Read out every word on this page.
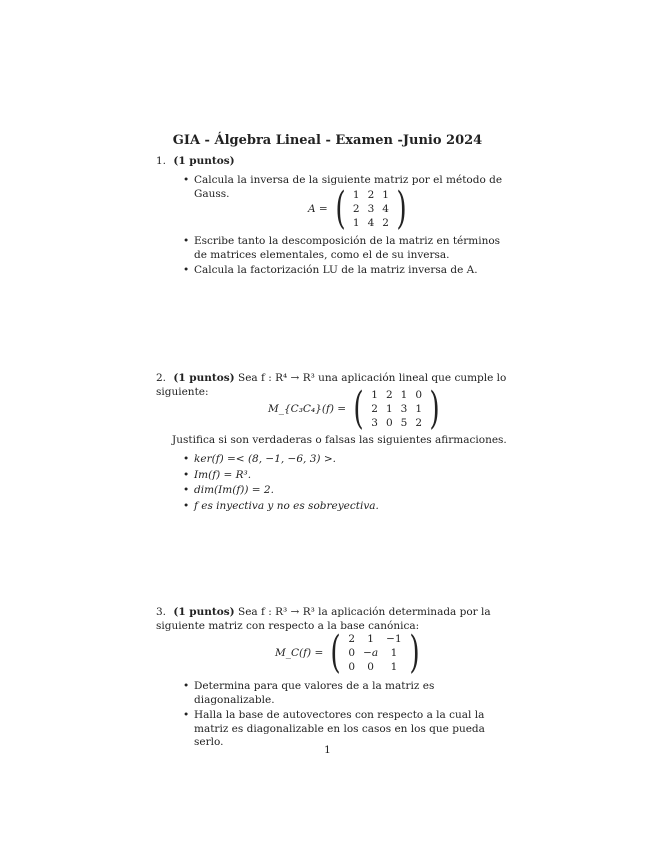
GIA - Álgebra Lineal - Examen -Junio 2024
1. (1 puntos)
• Calcula la inversa de la siguiente matriz por el método de Gauss.
A = ( 1	2	1
2	3	4
1	4	2 )
• Escribe tanto la descomposición de la matriz en términos de matrices elementales, como el de su inversa.
• Calcula la factorización LU de la matriz inversa de A.
2. (1 puntos) Sea f : R⁴ → R³ una aplicación lineal que cumple lo siguiente:
M_{C₃C₄}(f) = ( 1	2	1	0
2	1	3	1
3	0	5	2 )
Justifica si son verdaderas o falsas las siguientes afirmaciones.
• ker(f) =< (8, −1, −6, 3) >.
• Im(f) = R³.
• dim(Im(f)) = 2.
• f es inyectiva y no es sobreyectiva.
3. (1 puntos) Sea f : R³ → R³ la aplicación determinada por la siguiente matriz con respecto a la base canónica:
M_C(f) = ( 2	1	−1
0	−a	1
0	0	1 )
• Determina para que valores de a la matriz es diagonalizable.
• Halla la base de autovectores con respecto a la cual la matriz es diagonalizable en los casos en los que pueda serlo.
1
